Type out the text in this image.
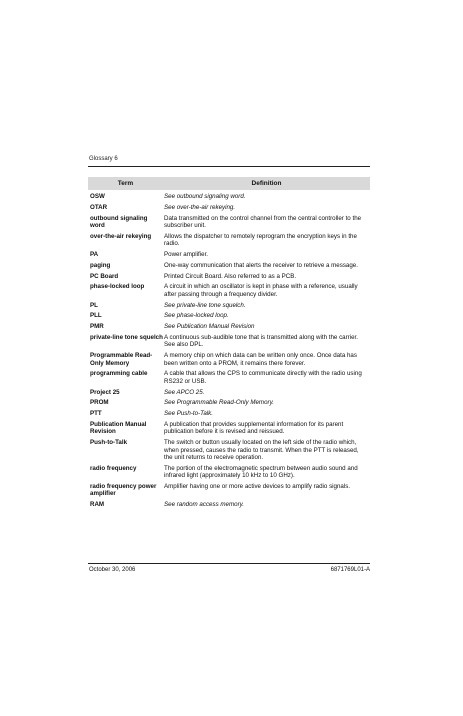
Glossary 6
Term	Definition
OSW	See outbound signaling word.
OTAR	See over-the-air rekeying.
outbound signaling word	Data transmitted on the control channel from the central controller to the subscriber unit.
over-the-air rekeying	Allows the dispatcher to remotely reprogram the encryption keys in the radio.
PA	Power amplifier.
paging	One-way communication that alerts the receiver to retrieve a message.
PC Board	Printed Circuit Board. Also referred to as a PCB.
phase-locked loop	A circuit in which an oscillator is kept in phase with a reference, usually after passing through a frequency divider.
PL	See private-line tone squelch.
PLL	See phase-locked loop.
PMR	See Publication Manual Revision
private-line tone squelch	A continuous sub-audible tone that is transmitted along with the carrier. See also DPL.
Programmable Read-Only Memory	A memory chip on which data can be written only once. Once data has been written onto a PROM, it remains there forever.
programming cable	A cable that allows the CPS to communicate directly with the radio using RS232 or USB.
Project 25	See APCO 25.
PROM	See Programmable Read-Only Memory.
PTT	See Push-to-Talk.
Publication Manual Revision	A publication that provides supplemental information for its parent publication before it is revised and reissued.
Push-to-Talk	The switch or button usually located on the left side of the radio which, when pressed, causes the radio to transmit. When the PTT is released, the unit returns to receive operation.
radio frequency	The portion of the electromagnetic spectrum between audio sound and infrared light (approximately 10 kHz to 10 GHz).
radio frequency power amplifier	Amplifier having one or more active devices to amplify radio signals.
RAM	See random access memory.
October 30, 2006	6871769L01-A
